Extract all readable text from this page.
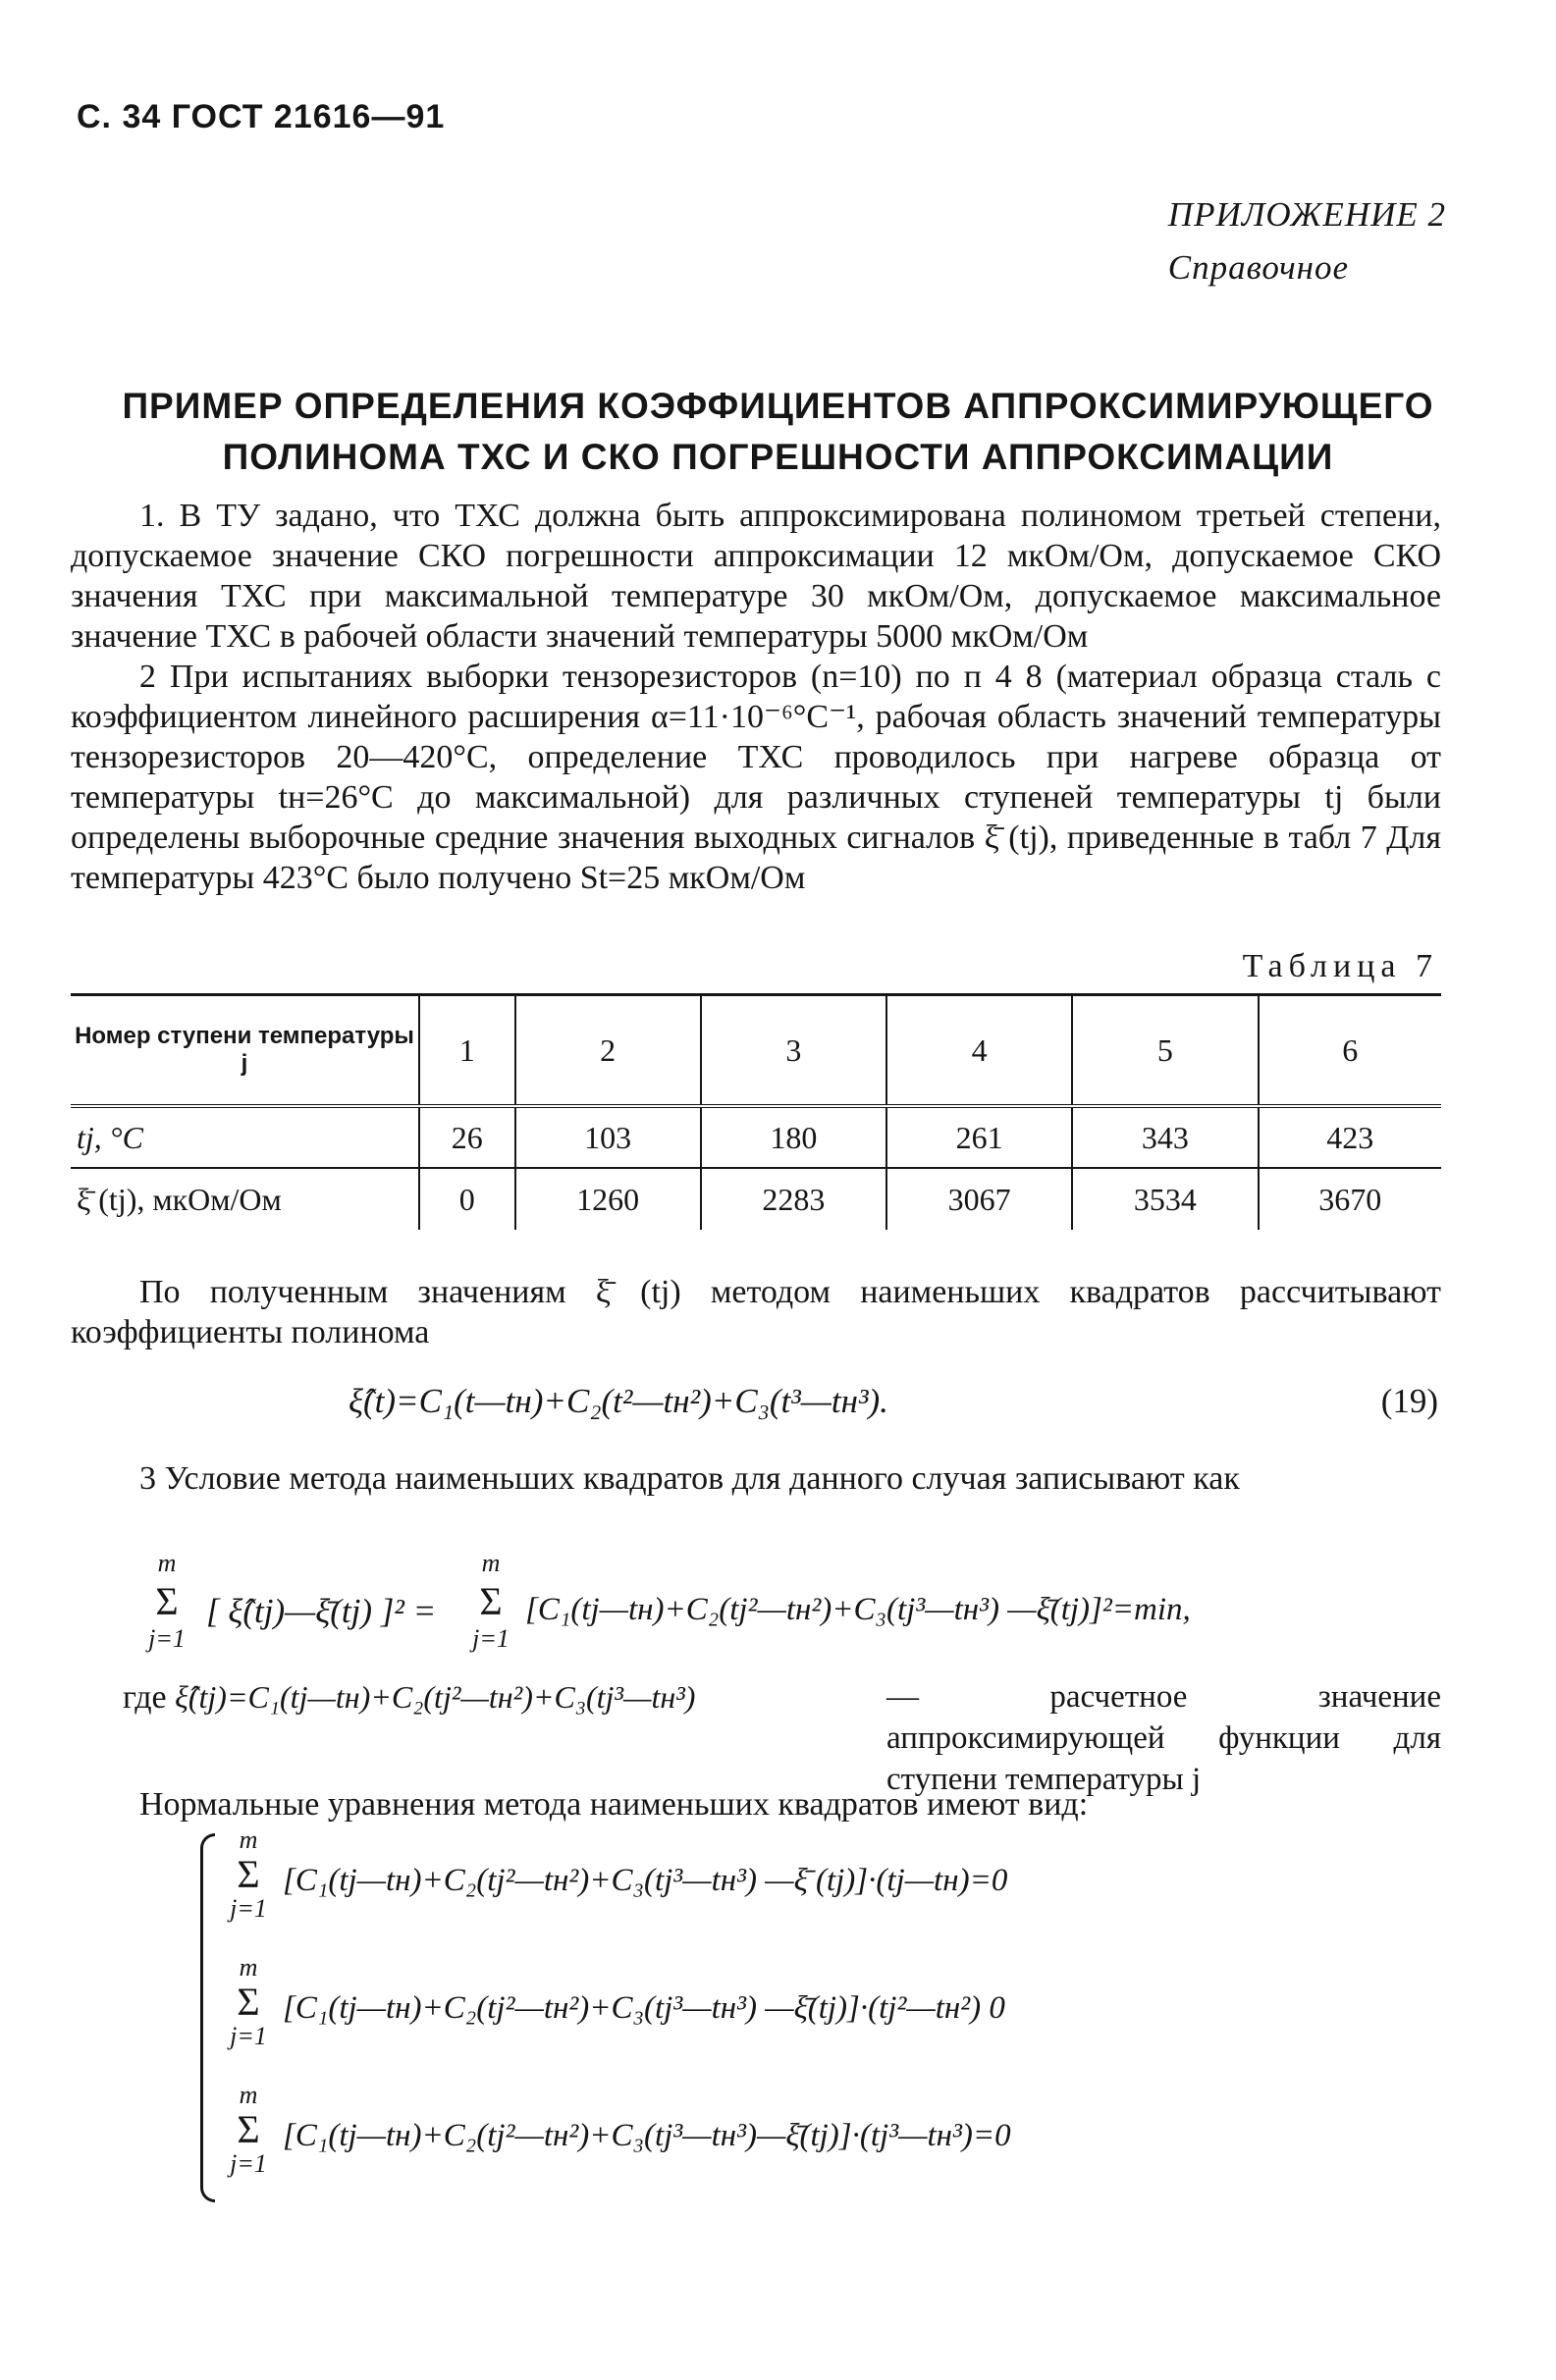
С. 34 ГОСТ 21616—91
ПРИЛОЖЕНИЕ 2
Справочное
ПРИМЕР ОПРЕДЕЛЕНИЯ КОЭФФИЦИЕНТОВ АППРОКСИМИРУЮЩЕГО
ПОЛИНОМА ТХС И СКО ПОГРЕШНОСТИ АППРОКСИМАЦИИ

1. В ТУ задано, что ТХС должна быть аппроксимирована полиномом третьей степени, допускаемое значение СКО погрешности аппроксимации 12 мкОм/Ом, допускаемое СКО значения ТХС при максимальной температуре 30 мкОм/Ом, допускаемое максимальное значение ТХС в рабочей области значений температуры 5000 мкОм/Ом

2 При испытаниях выборки тензорезисторов (n=10) по п 4 8 (материал образца сталь с коэффициентом линейного расширения α=11·10⁻⁶°С⁻¹, рабочая область значений температуры тензорезисторов 20—420°С, определение ТХС проводилось при нагреве образца от температуры tн=26°С до максимальной) для различных ступеней температуры tj были определены выборочные средние значения выходных сигналов ξ̄ (tj), приведенные в табл 7 Для температуры 423°С было получено St=25 мкОм/Ом

Таблица 7
Номер ступени температуры j	1	2	3	4	5	6
tj, °C	26	103	180	261	343	423
ξ̄ (tj), мкОм/Ом	0	1260	2283	3067	3534	3670

По полученным значениям ξ̄ (tj) методом наименьших квадратов рассчитывают коэффициенты полинома

ξ̂(t)=C₁(t—tн)+C₂(t²—tн²)+C₃(t³—tн³).	(19)

3 Условие метода наименьших квадратов для данного случая записывают как

m
Σ
j=1
[ ξ̂(tj)—ξ̄(tj) ]² =
m
Σ
j=1
[C₁(tj—tн)+C₂(tj²—tн²)+C₃(tj³—tн³) —ξ̄(tj)]²=min,
где ξ̂(tj)=C₁(tj—tн)+C₂(tj²—tн²)+C₃(tj³—tн³)	— расчетное значение аппроксимирующей функции для ступени температуры j
Нормальные уравнения метода наименьших квадратов имеют вид:
m
Σ
j=1
[C₁(tj—tн)+C₂(tj²—tн²)+C₃(tj³—tн³) —ξ̄ (tj)]·(tj—tн)=0
m
Σ
j=1
[C₁(tj—tн)+C₂(tj²—tн²)+C₃(tj³—tн³) —ξ̄(tj)]·(tj²—tн²) 0
m
Σ
j=1
[C₁(tj—tн)+C₂(tj²—tн²)+C₃(tj³—tн³)—ξ̄(tj)]·(tj³—tн³)=0
